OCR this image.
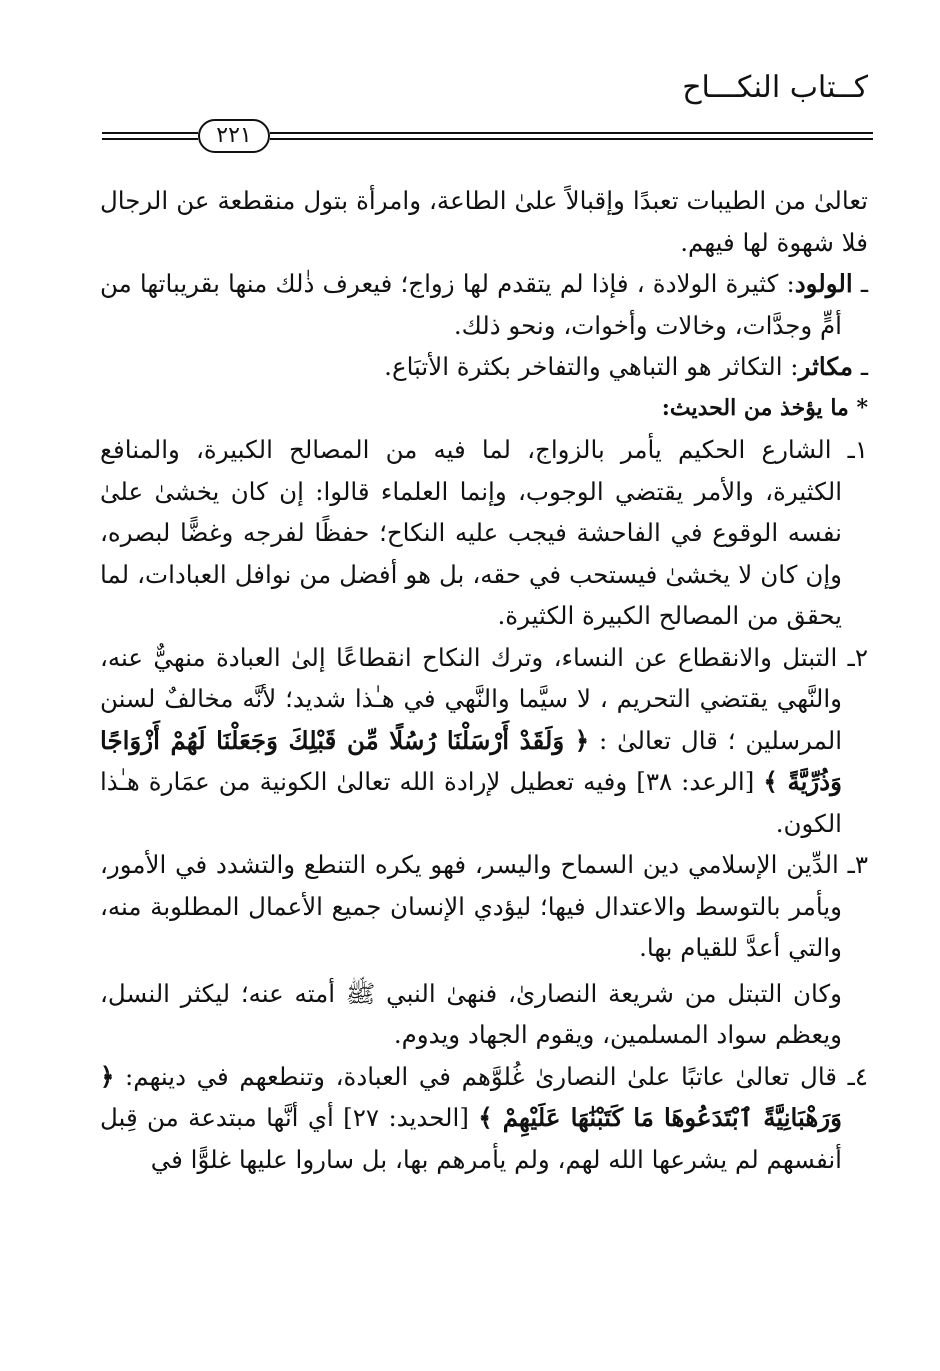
كــتاب النكـــاح
٢٢١

تعالىٰ من الطيبات تعبدًا وإقبالاً علىٰ الطاعة، وامرأة بتول منقطعة عن الرجال فلا شهوة لها فيهم.

ـ الولود: كثيرة الولادة ، فإذا لم يتقدم لها زواج؛ فيعرف ذٰلك منها بقريباتها من أمٍّ وجدَّات، وخالات وأخوات، ونحو ذلك.

ـ مكاثر: التكاثر هو التباهي والتفاخر بكثرة الأتبَاع.

* ما يؤخذ من الحديث:

١ـ الشارع الحكيم يأمر بالزواج، لما فيه من المصالح الكبيرة، والمنافع الكثيرة، والأمر يقتضي الوجوب، وإنما العلماء قالوا: إن كان يخشىٰ علىٰ نفسه الوقوع في الفاحشة فيجب عليه النكاح؛ حفظًا لفرجه وغضًّا لبصره، وإن كان لا يخشىٰ فيستحب في حقه، بل هو أفضل من نوافل العبادات، لما يحقق من المصالح الكبيرة الكثيرة.

٢ـ التبتل والانقطاع عن النساء، وترك النكاح انقطاعًا إلىٰ العبادة منهيٌّ عنه، والنَّهي يقتضي التحريم ، لا سيَّما والنَّهي في هـٰذا شديد؛ لأنَّه مخالفٌ لسنن المرسلين ؛ قال تعالىٰ : ﴿ وَلَقَدْ أَرْسَلْنَا رُسُلًا مِّن قَبْلِكَ وَجَعَلْنَا لَهُمْ أَزْوَاجًا وَذُرِّيَّةً ﴾ [الرعد: ٣٨] وفيه تعطيل لإرادة الله تعالىٰ الكونية من عمَارة هـٰذا الكون.

٣ـ الدِّين الإسلامي دين السماح واليسر، فهو يكره التنطع والتشدد في الأمور، ويأمر بالتوسط والاعتدال فيها؛ ليؤدي الإنسان جميع الأعمال المطلوبة منه، والتي أعدَّ للقيام بها.

وكان التبتل من شريعة النصارىٰ، فنهىٰ النبي ﷺ أمته عنه؛ ليكثر النسل، ويعظم سواد المسلمين، ويقوم الجهاد ويدوم.

٤ـ قال تعالىٰ عاتبًا علىٰ النصارىٰ غُلوَّهم في العبادة، وتنطعهم في دينهم: ﴿ وَرَهْبَانِيَّةً ٱبْتَدَعُوهَا مَا كَتَبْنَٰهَا عَلَيْهِمْ ﴾ [الحديد: ٢٧] أي أنَّها مبتدعة من قِبل أنفسهم لم يشرعها الله لهم، ولم يأمرهم بها، بل ساروا عليها غلوًّا في
